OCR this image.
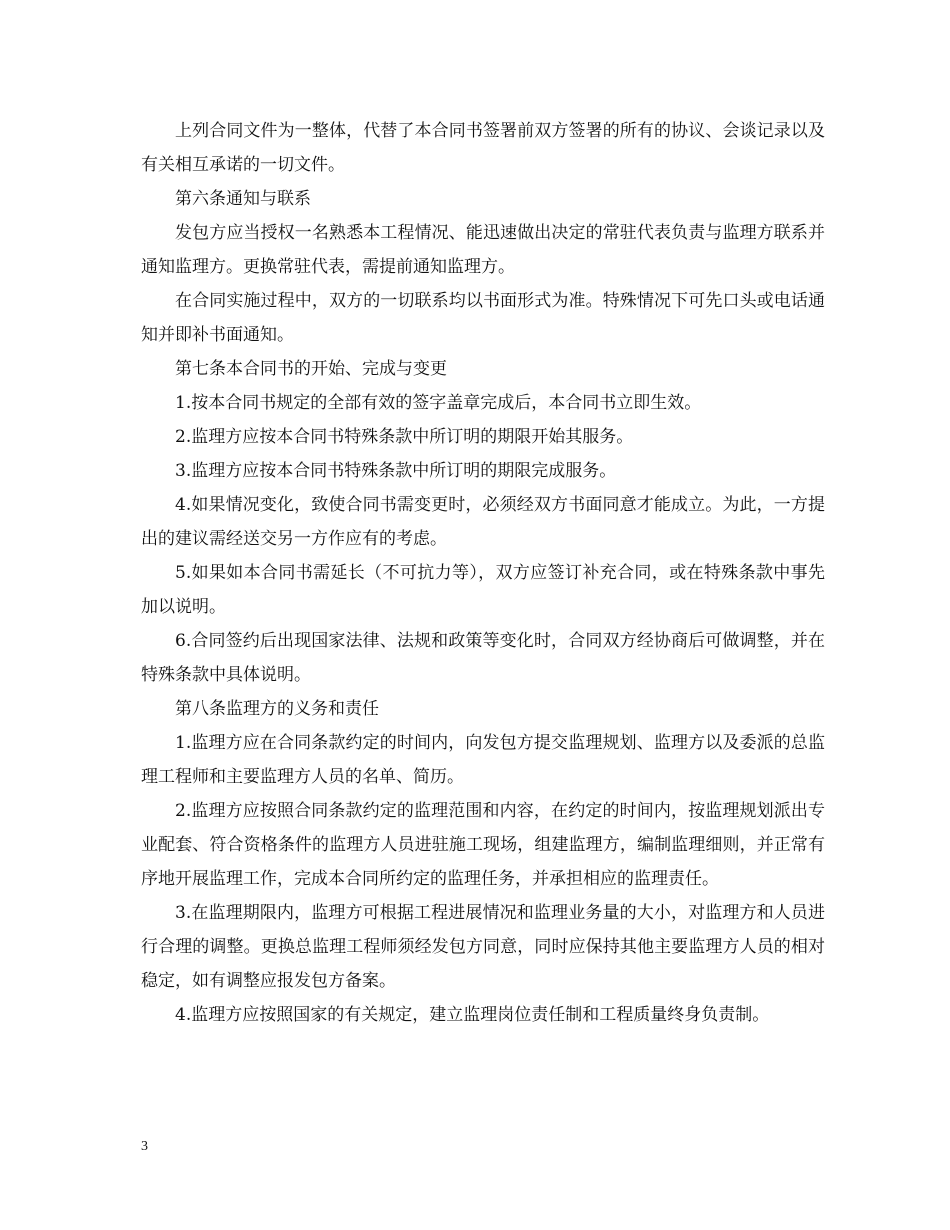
上列合同文件为一整体，代替了本合同书签署前双方签署的所有的协议、会谈记录以及有关相互承诺的一切文件。

第六条通知与联系

发包方应当授权一名熟悉本工程情况、能迅速做出决定的常驻代表负责与监理方联系并通知监理方。更换常驻代表，需提前通知监理方。

在合同实施过程中，双方的一切联系均以书面形式为准。特殊情况下可先口头或电话通知并即补书面通知。

第七条本合同书的开始、完成与变更

1.按本合同书规定的全部有效的签字盖章完成后，本合同书立即生效。

2.监理方应按本合同书特殊条款中所订明的期限开始其服务。

3.监理方应按本合同书特殊条款中所订明的期限完成服务。

4.如果情况变化，致使合同书需变更时，必须经双方书面同意才能成立。为此，一方提出的建议需经送交另一方作应有的考虑。

5.如果如本合同书需延长（不可抗力等），双方应签订补充合同，或在特殊条款中事先加以说明。

6.合同签约后出现国家法律、法规和政策等变化时，合同双方经协商后可做调整，并在特殊条款中具体说明。

第八条监理方的义务和责任

1.监理方应在合同条款约定的时间内，向发包方提交监理规划、监理方以及委派的总监理工程师和主要监理方人员的名单、简历。

2.监理方应按照合同条款约定的监理范围和内容，在约定的时间内，按监理规划派出专业配套、符合资格条件的监理方人员进驻施工现场，组建监理方，编制监理细则，并正常有序地开展监理工作，完成本合同所约定的监理任务，并承担相应的监理责任。

3.在监理期限内，监理方可根据工程进展情况和监理业务量的大小，对监理方和人员进行合理的调整。更换总监理工程师须经发包方同意，同时应保持其他主要监理方人员的相对稳定，如有调整应报发包方备案。

4.监理方应按照国家的有关规定，建立监理岗位责任制和工程质量终身负责制。

3
